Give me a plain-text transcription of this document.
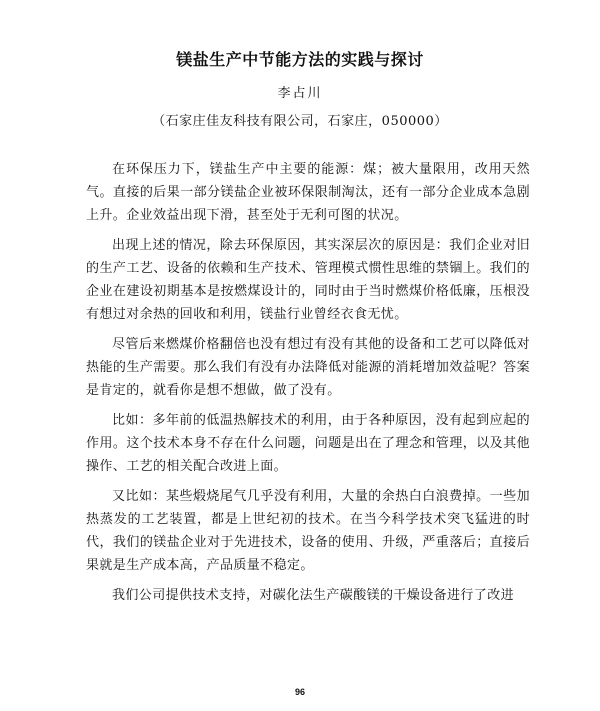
镁盐生产中节能方法的实践与探讨
李占川
（石家庄佳友科技有限公司，石家庄，050000）

在环保压力下，镁盐生产中主要的能源：煤；被大量限用，改用天然气。直接的后果一部分镁盐企业被环保限制淘汰，还有一部分企业成本急剧上升。企业效益出现下滑，甚至处于无利可图的状况。

出现上述的情况，除去环保原因，其实深层次的原因是：我们企业对旧的生产工艺、设备的依赖和生产技术、管理模式惯性思维的禁锢上。我们的企业在建设初期基本是按燃煤设计的，同时由于当时燃煤价格低廉，压根没有想过对余热的回收和利用，镁盐行业曾经衣食无忧。

尽管后来燃煤价格翻倍也没有想过有没有其他的设备和工艺可以降低对热能的生产需要。那么我们有没有办法降低对能源的消耗增加效益呢？答案是肯定的，就看你是想不想做，做了没有。

比如：多年前的低温热解技术的利用，由于各种原因，没有起到应起的作用。这个技术本身不存在什么问题，问题是出在了理念和管理，以及其他操作、工艺的相关配合改进上面。

又比如：某些煅烧尾气几乎没有利用，大量的余热白白浪费掉。一些加热蒸发的工艺装置，都是上世纪初的技术。在当今科学技术突飞猛进的时代，我们的镁盐企业对于先进技术，设备的使用、升级，严重落后；直接后果就是生产成本高，产品质量不稳定。

我们公司提供技术支持，对碳化法生产碳酸镁的干燥设备进行了改进

96
